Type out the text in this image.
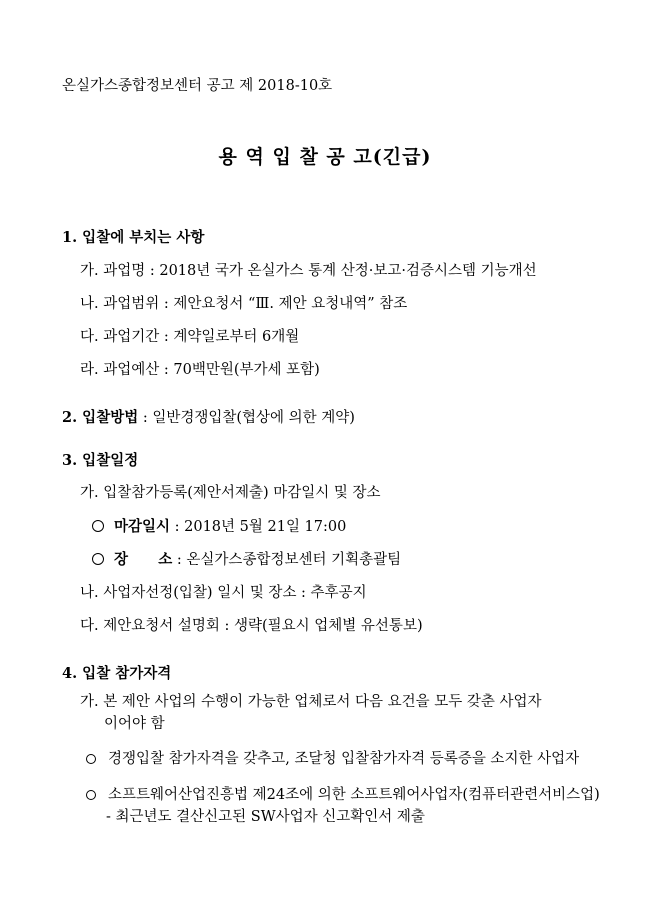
온실가스종합정보센터 공고 제 2018-10호
용 역 입 찰 공 고(긴급)
1. 입찰에 부치는 사항
가. 과업명 : 2018년 국가 온실가스 통계 산정·보고·검증시스템 기능개선
나. 과업범위 : 제안요청서 “Ⅲ. 제안 요청내역” 참조
다. 과업기간 : 계약일로부터 6개월
라. 과업예산 : 70백만원(부가세 포함)
2. 입찰방법 : 일반경쟁입찰(협상에 의한 계약)
3. 입찰일정
가. 입찰참가등록(제안서제출) 마감일시 및 장소
마감일시 : 2018년 5월 21일 17:00
장      소 : 온실가스종합정보센터 기획총괄팀
나. 사업자선정(입찰) 일시 및 장소 : 추후공지
다. 제안요청서 설명회 : 생략(필요시 업체별 유선통보)
4. 입찰 참가자격
가. 본 제안 사업의 수행이 가능한 업체로서 다음 요건을 모두 갖춘 사업자
이어야 함
경쟁입찰 참가자격을 갖추고, 조달청 입찰참가자격 등록증을 소지한 사업자
소프트웨어산업진흥법 제24조에 의한 소프트웨어사업자(컴퓨터관련서비스업)
- 최근년도 결산신고된 SW사업자 신고확인서 제출
